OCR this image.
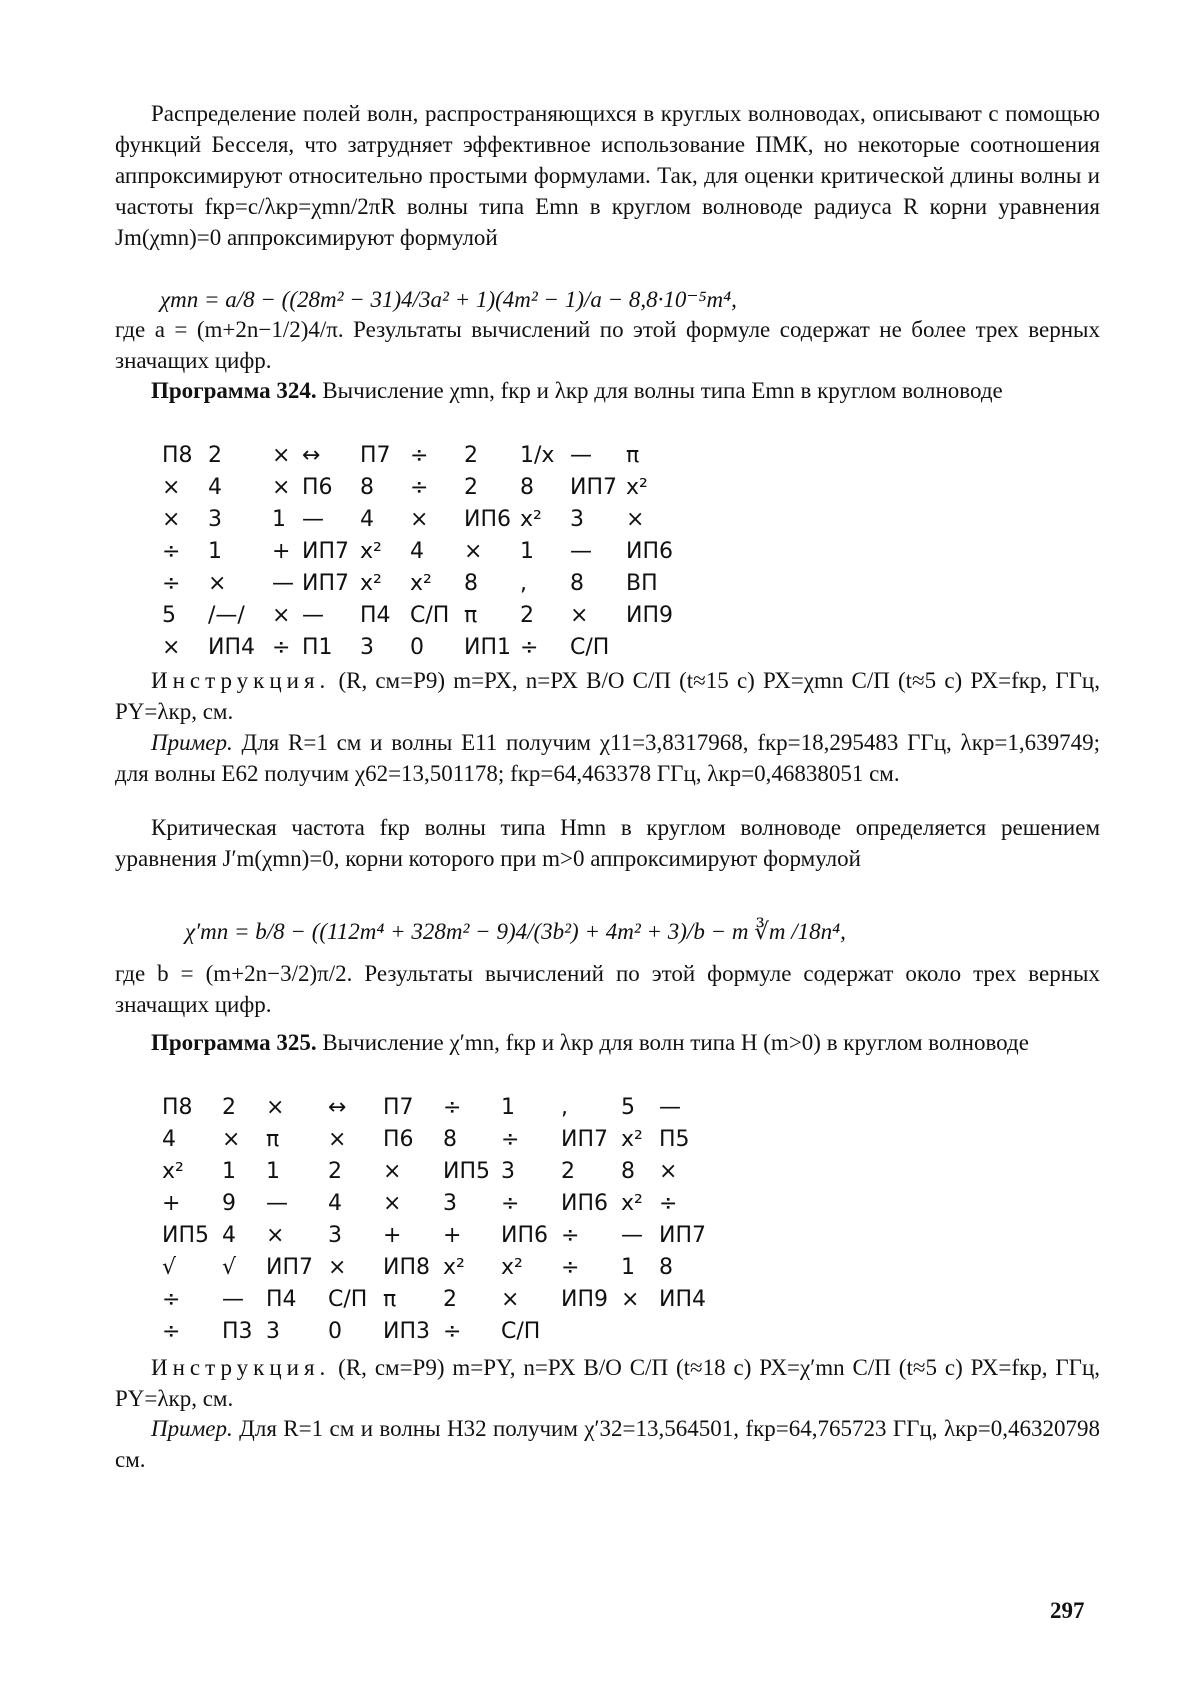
Распределение полей волн, распространяющихся в круглых волноводах, описывают с помощью функций Бесселя, что затрудняет эффективное использование ПМК, но некоторые соотношения аппроксимируют относительно простыми формулами. Так, для оценки критической длины волны и частоты fкр=c/λкр=χmn/2πR волны типа Emn в круглом волноводе радиуса R корни уравнения Jm(χmn)=0 аппроксимируют формулой

χmn = a/8 − ((28m² − 31)4/3a² + 1)(4m² − 1)/a − 8,8·10⁻⁵m⁴,

где a = (m+2n−1/2)4/π. Результаты вычислений по этой формуле содержат не более трех верных значащих цифр.

Программа 324. Вычисление χmn, fкр и λкр для волны типа Emn в круглом волноводе

П8	2	×	↔	П7	÷	2	1/x	—	π
×	4	×	П6	8	÷	2	8	ИП7	x²
×	3	1	—	4	×	ИП6	x²	3	×
÷	1	+	ИП7	x²	4	×	1	—	ИП6
÷	×	—	ИП7	x²	x²	8	,	8	ВП
5	/—/	×	—	П4	С/П	π	2	×	ИП9
×	ИП4	÷	П1	3	0	ИП1	÷	С/П	

Инструкция. (R, см=Р9) m=РХ, n=РХ В/О С/П (t≈15 с) РХ=χmn С/П (t≈5 с) РХ=fкр, ГГц, РY=λкр, см.

Пример. Для R=1 см и волны E11 получим χ11=3,8317968, fкр=18,295483 ГГц, λкр=1,639749; для волны E62 получим χ62=13,501178; fкр=64,463378 ГГц, λкр=0,46838051 см.

Критическая частота fкр волны типа Hmn в круглом волноводе определяется решением уравнения J′m(χmn)=0, корни которого при m>0 аппроксимируют формулой

χ′mn = b/8 − ((112m⁴ + 328m² − 9)4/(3b²) + 4m² + 3)/b − m ∛m /18n⁴,

где b = (m+2n−3/2)π/2. Результаты вычислений по этой формуле содержат около трех верных значащих цифр.

Программа 325. Вычисление χ′mn, fкр и λкр для волн типа H (m>0) в круглом волноводе

П8	2	×	↔	П7	÷	1	,	5	—
4	×	π	×	П6	8	÷	ИП7	x²	П5
x²	1	1	2	×	ИП5	3	2	8	×
+	9	—	4	×	3	÷	ИП6	x²	÷
ИП5	4	×	3	+	+	ИП6	÷	—	ИП7
√	√	ИП7	×	ИП8	x²	x²	÷	1	8
÷	—	П4	С/П	π	2	×	ИП9	×	ИП4
÷	П3	3	0	ИП3	÷	С/П			

Инструкция. (R, см=Р9) m=РY, n=РХ В/О С/П (t≈18 с) РХ=χ′mn С/П (t≈5 с) РХ=fкр, ГГц, РY=λкр, см.

Пример. Для R=1 см и волны H32 получим χ′32=13,564501, fкр=64,765723 ГГц, λкр=0,46320798 см.

297
